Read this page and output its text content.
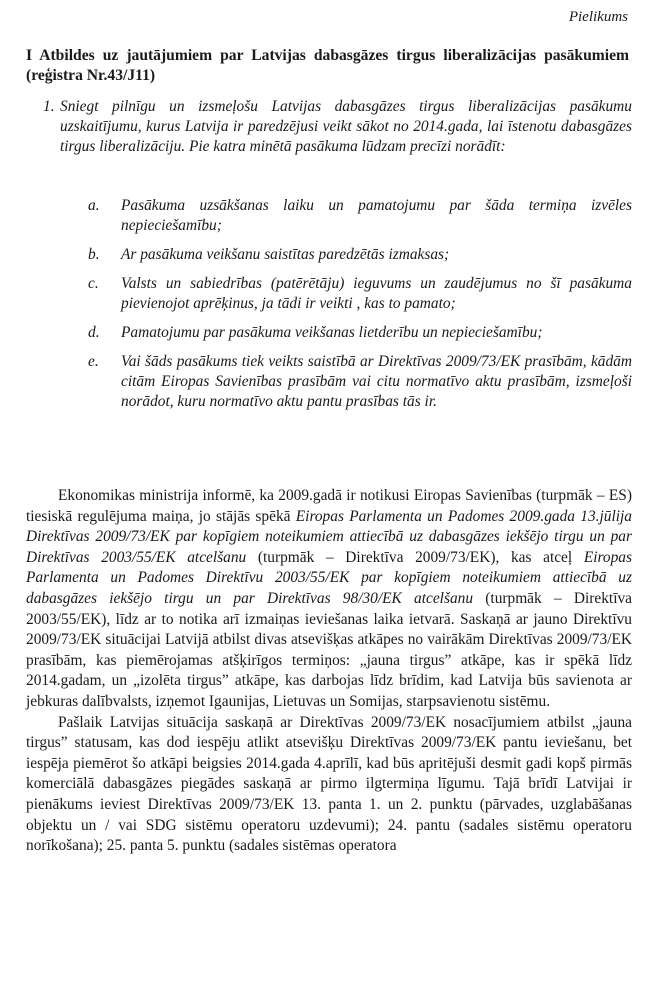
Pielikums
I Atbildes uz jautājumiem par Latvijas dabasgāzes tirgus liberalizācijas pasākumiem (reģistra Nr.43/J11)
1. Sniegt pilnīgu un izsmeļošu Latvijas dabasgāzes tirgus liberalizācijas pasākumu uzskaitījumu, kurus Latvija ir paredzējusi veikt sākot no 2014.gada, lai īstenotu dabasgāzes tirgus liberalizāciju. Pie katra minētā pasākuma lūdzam precīzi norādīt:
a. Pasākuma uzsākšanas laiku un pamatojumu par šāda termiņa izvēles nepieciešamību;
b. Ar pasākuma veikšanu saistītas paredzētās izmaksas;
c. Valsts un sabiedrības (patērētāju) ieguvums un zaudējumus no šī pasākuma pievienojot aprēķinus, ja tādi ir veikti , kas to pamato;
d. Pamatojumu par pasākuma veikšanas lietderību un nepieciešamību;
e. Vai šāds pasākums tiek veikts saistībā ar Direktīvas 2009/73/EK prasībām, kādām citām Eiropas Savienības prasībām vai citu normatīvo aktu prasībām, izsmeļoši norādot, kuru normatīvo aktu pantu prasības tās ir.

Ekonomikas ministrija informē, ka 2009.gadā ir notikusi Eiropas Savienības (turpmāk – ES) tiesiskā regulējuma maiņa, jo stājās spēkā Eiropas Parlamenta un Padomes 2009.gada 13.jūlija Direktīvas 2009/73/EK par kopīgiem noteikumiem attiecībā uz dabasgāzes iekšējo tirgu un par Direktīvas 2003/55/EK atcelšanu (turpmāk – Direktīva 2009/73/EK), kas atceļ Eiropas Parlamenta un Padomes Direktīvu 2003/55/EK par kopīgiem noteikumiem attiecībā uz dabasgāzes iekšējo tirgu un par Direktīvas 98/30/EK atcelšanu (turpmāk – Direktīva 2003/55/EK), līdz ar to notika arī izmaiņas ieviešanas laika ietvarā. Saskaņā ar jauno Direktīvu 2009/73/EK situācijai Latvijā atbilst divas atsevišķas atkāpes no vairākām Direktīvas 2009/73/EK prasībām, kas piemērojamas atšķirīgos termiņos: „jauna tirgus” atkāpe, kas ir spēkā līdz 2014.gadam, un „izolēta tirgus” atkāpe, kas darbojas līdz brīdim, kad Latvija būs savienota ar jebkuras dalībvalsts, izņemot Igaunijas, Lietuvas un Somijas, starpsavienotu sistēmu.

Pašlaik Latvijas situācija saskaņā ar Direktīvas 2009/73/EK nosacījumiem atbilst „jauna tirgus” statusam, kas dod iespēju atlikt atsevišķu Direktīvas 2009/73/EK pantu ieviešanu, bet iespēja piemērot šo atkāpi beigsies 2014.gada 4.aprīlī, kad būs apritējuši desmit gadi kopš pirmās komerciālā dabasgāzes piegādes saskaņā ar pirmo ilgtermiņa līgumu. Tajā brīdī Latvijai ir pienākums ieviest Direktīvas 2009/73/EK 13. panta 1. un 2. punktu (pārvades, uzglabāšanas objektu un / vai SDG sistēmu operatoru uzdevumi); 24. pantu (sadales sistēmu operatoru norīkošana); 25. panta 5. punktu (sadales sistēmas operatora
